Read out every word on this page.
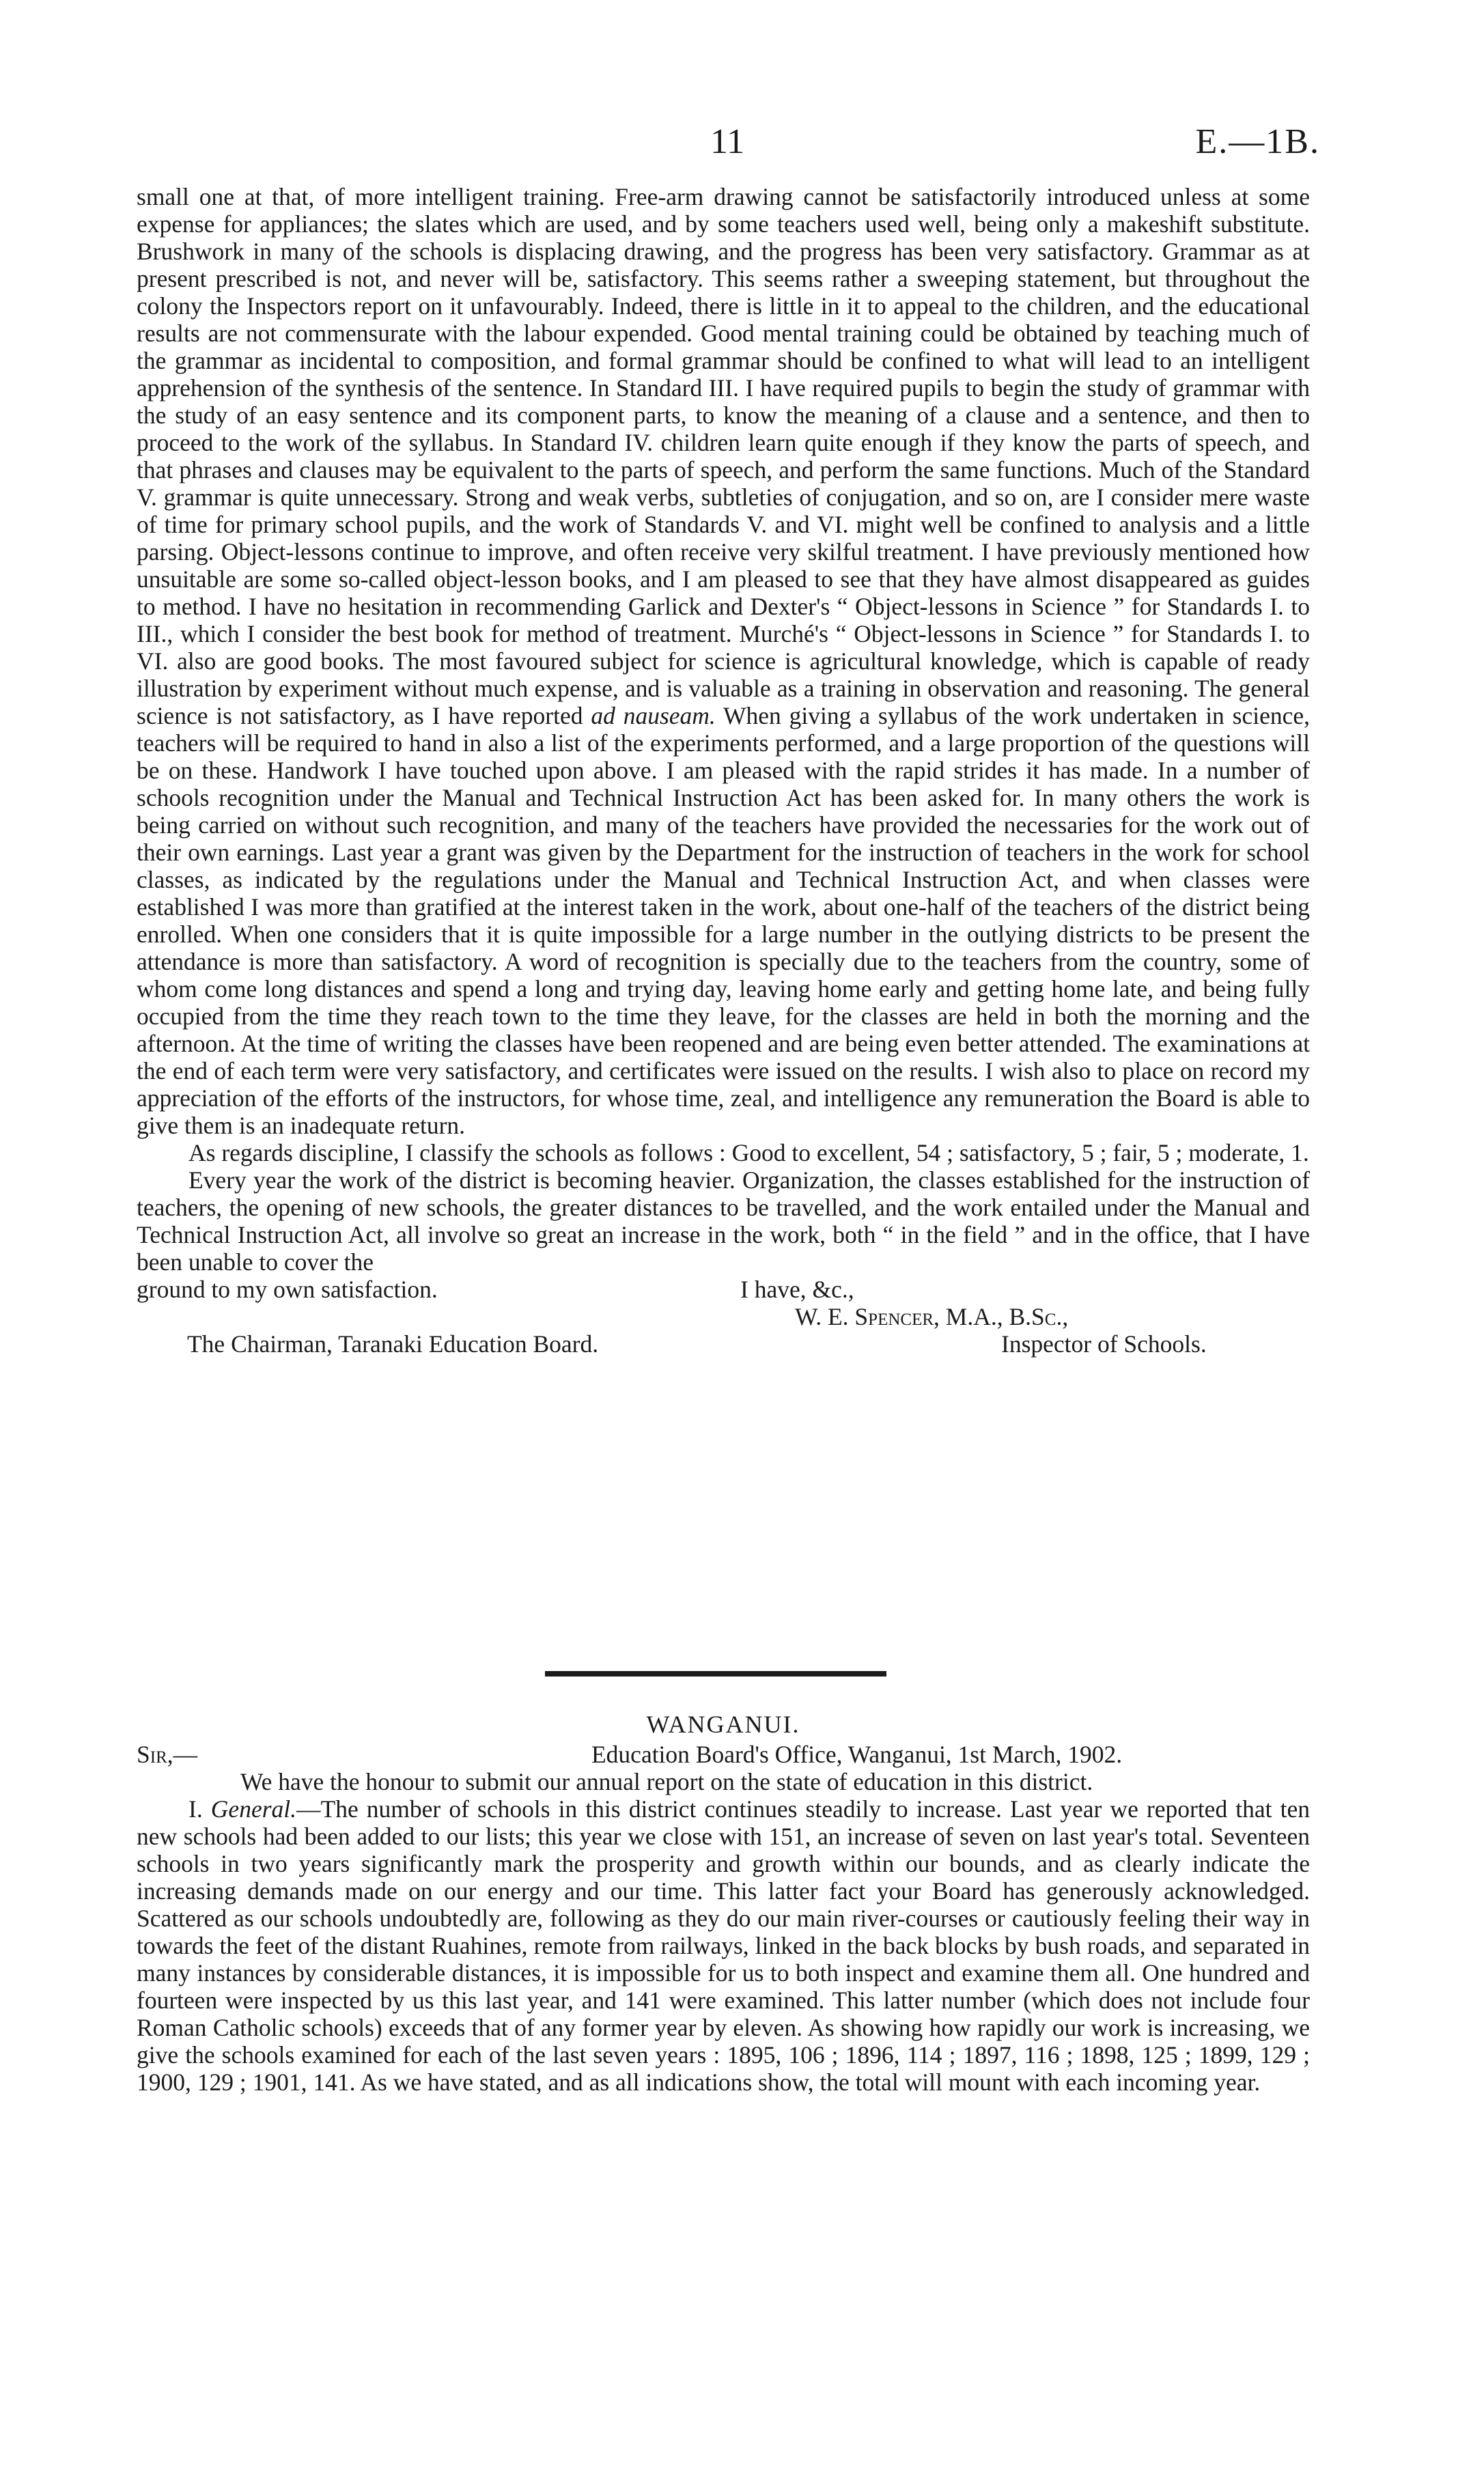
11	E.—1B.

small one at that, of more intelligent training. Free-arm drawing cannot be satisfactorily introduced unless at some expense for appliances; the slates which are used, and by some teachers used well, being only a makeshift substitute. Brushwork in many of the schools is displacing drawing, and the progress has been very satisfactory. Grammar as at present prescribed is not, and never will be, satisfactory. This seems rather a sweeping statement, but throughout the colony the Inspectors report on it unfavourably. Indeed, there is little in it to appeal to the children, and the educational results are not commensurate with the labour expended. Good mental training could be obtained by teaching much of the grammar as incidental to composition, and formal grammar should be confined to what will lead to an intelligent apprehension of the synthesis of the sentence. In Standard III. I have required pupils to begin the study of grammar with the study of an easy sentence and its component parts, to know the meaning of a clause and a sentence, and then to proceed to the work of the syllabus. In Standard IV. children learn quite enough if they know the parts of speech, and that phrases and clauses may be equivalent to the parts of speech, and perform the same functions. Much of the Standard V. grammar is quite unnecessary. Strong and weak verbs, subtleties of conjugation, and so on, are I consider mere waste of time for primary school pupils, and the work of Standards V. and VI. might well be confined to analysis and a little parsing. Object-lessons continue to improve, and often receive very skilful treatment. I have previously mentioned how unsuitable are some so-called object-lesson books, and I am pleased to see that they have almost disappeared as guides to method. I have no hesitation in recommending Garlick and Dexter's “ Object-lessons in Science ” for Standards I. to III., which I consider the best book for method of treatment. Murché's “ Object-lessons in Science ” for Standards I. to VI. also are good books. The most favoured subject for science is agricultural knowledge, which is capable of ready illustration by experiment without much expense, and is valuable as a training in observation and reasoning. The general science is not satisfactory, as I have reported ad nauseam. When giving a syllabus of the work undertaken in science, teachers will be required to hand in also a list of the experiments performed, and a large proportion of the questions will be on these. Handwork I have touched upon above. I am pleased with the rapid strides it has made. In a number of schools recognition under the Manual and Technical Instruction Act has been asked for. In many others the work is being carried on without such recognition, and many of the teachers have provided the necessaries for the work out of their own earnings. Last year a grant was given by the Department for the instruction of teachers in the work for school classes, as indicated by the regulations under the Manual and Technical Instruction Act, and when classes were established I was more than gratified at the interest taken in the work, about one-half of the teachers of the district being enrolled. When one considers that it is quite impossible for a large number in the outlying districts to be present the attendance is more than satisfactory. A word of recognition is specially due to the teachers from the country, some of whom come long distances and spend a long and trying day, leaving home early and getting home late, and being fully occupied from the time they reach town to the time they leave, for the classes are held in both the morning and the afternoon. At the time of writing the classes have been reopened and are being even better attended. The examinations at the end of each term were very satisfactory, and certificates were issued on the results. I wish also to place on record my appreciation of the efforts of the instructors, for whose time, zeal, and intelligence any remuneration the Board is able to give them is an inadequate return.

As regards discipline, I classify the schools as follows : Good to excellent, 54 ; satisfactory, 5 ; fair, 5 ; moderate, 1.

Every year the work of the district is becoming heavier. Organization, the classes established for the instruction of teachers, the opening of new schools, the greater distances to be travelled, and the work entailed under the Manual and Technical Instruction Act, all involve so great an increase in the work, both “ in the field ” and in the office, that I have been unable to cover the

ground to my own satisfaction.	I have, &c.,
W. E. Spencer, M.A., B.Sc.,
The Chairman, Taranaki Education Board.	Inspector of Schools.
WANGANUI.
Sir,—	Education Board's Office, Wanganui, 1st March, 1902.

We have the honour to submit our annual report on the state of education in this district.

I. General.—The number of schools in this district continues steadily to increase. Last year we reported that ten new schools had been added to our lists; this year we close with 151, an increase of seven on last year's total. Seventeen schools in two years significantly mark the prosperity and growth within our bounds, and as clearly indicate the increasing demands made on our energy and our time. This latter fact your Board has generously acknowledged. Scattered as our schools undoubtedly are, following as they do our main river-courses or cautiously feeling their way in towards the feet of the distant Ruahines, remote from railways, linked in the back blocks by bush roads, and separated in many instances by considerable distances, it is impossible for us to both inspect and examine them all. One hundred and fourteen were inspected by us this last year, and 141 were examined. This latter number (which does not include four Roman Catholic schools) exceeds that of any former year by eleven. As showing how rapidly our work is increasing, we give the schools examined for each of the last seven years : 1895, 106 ; 1896, 114 ; 1897, 116 ; 1898, 125 ; 1899, 129 ; 1900, 129 ; 1901, 141. As we have stated, and as all indications show, the total will mount with each incoming year.
